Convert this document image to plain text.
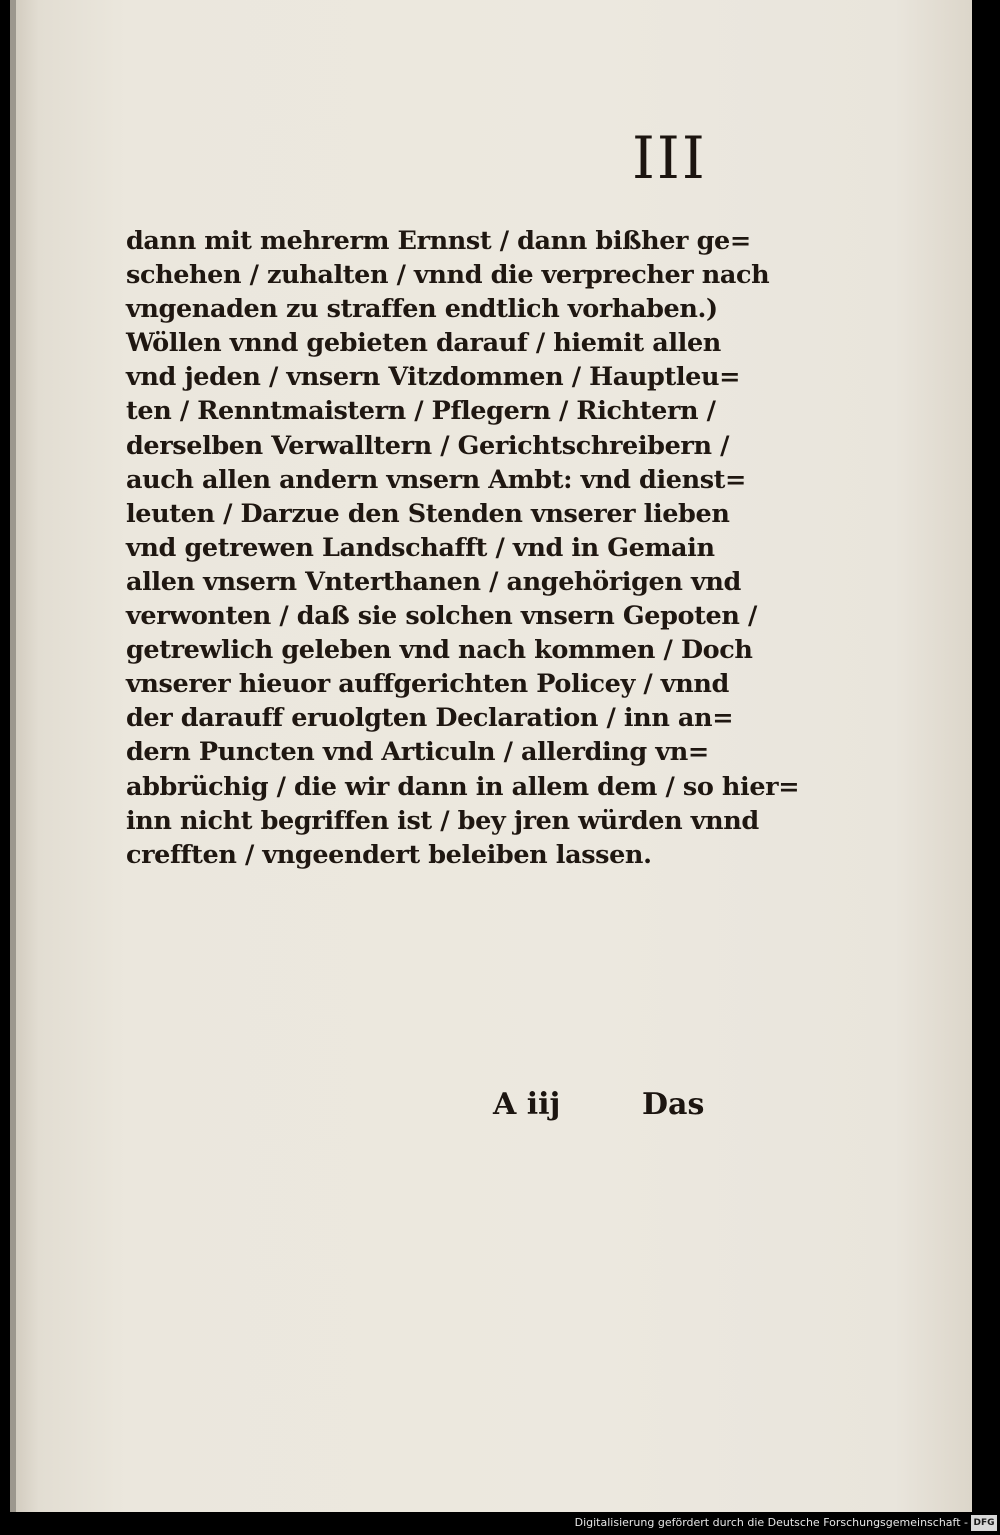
III
dann mit mehrerm Ernnst / dann bißher ge=
schehen / zuhalten / vnnd die verprecher nach
vngenaden zu straffen endtlich vorhaben.)
Wöllen vnnd gebieten darauf / hiemit allen
vnd jeden / vnsern Vitzdommen / Hauptleu=
ten / Renntmaistern / Pflegern / Richtern /
derselben Verwalltern / Gerichtschreibern /
auch allen andern vnsern Ambt: vnd dienst=
leuten / Darzue den Stenden vnserer lieben
vnd getrewen Landschafft / vnd in Gemain
allen vnsern Vnterthanen / angehörigen vnd
verwonten / daß sie solchen vnsern Gepoten /
getrewlich geleben vnd nach kommen / Doch
vnserer hieuor auffgerichten Policey / vnnd
der darauff eruolgten Declaration / inn an=
dern Puncten vnd Articuln / allerding vn=
abbrüchig / die wir dann in allem dem / so hier=
inn nicht begriffen ist / bey jren würden vnnd
crefften / vngeendert beleiben lassen.
A iij	Das
Digitalisierung gefördert durch die Deutsche Forschungsgemeinschaft - DFG
